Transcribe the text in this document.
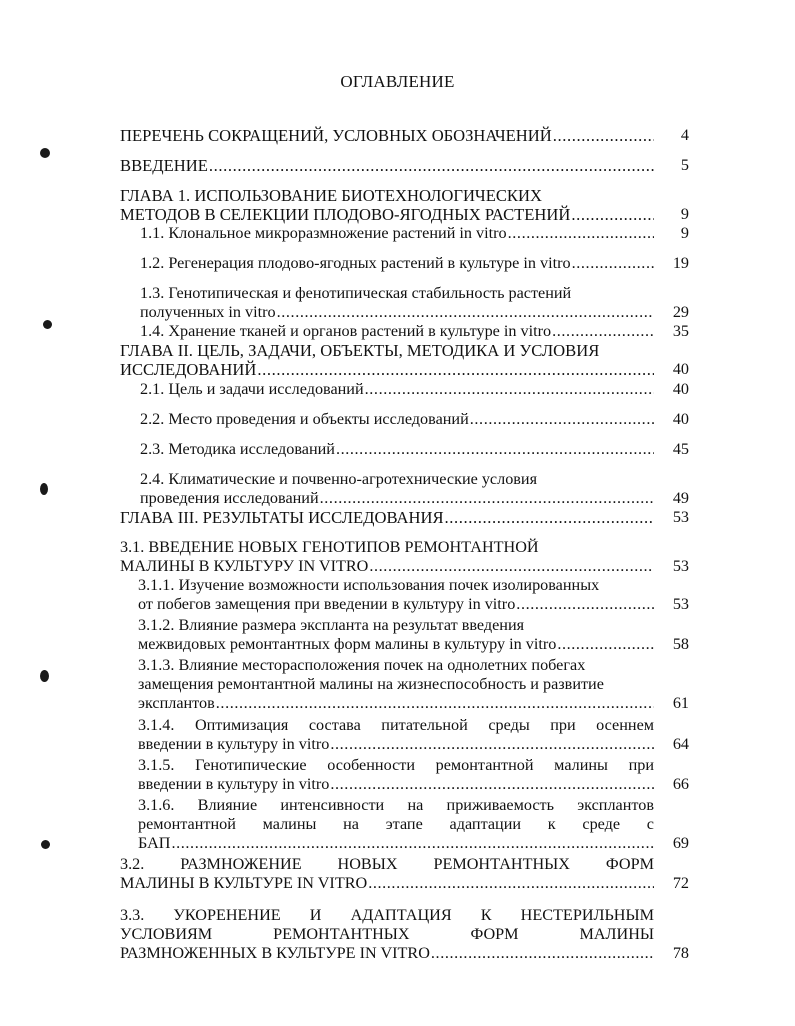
ОГЛАВЛЕНИЕ
ПЕРЕЧЕНЬ СОКРАЩЕНИЙ, УСЛОВНЫХ ОБОЗНАЧЕНИЙ .....	4
ВВЕДЕНИЕ .....	5
ГЛАВА 1. ИСПОЛЬЗОВАНИЕ БИОТЕХНОЛОГИЧЕСКИХ
МЕТОДОВ В СЕЛЕКЦИИ ПЛОДОВО-ЯГОДНЫХ РАСТЕНИЙ .....	9
1.1. Клональное микроразмножение растений in vitro .....	9
1.2. Регенерация плодово-ягодных растений в культуре in vitro .....	19
1.3. Генотипическая и фенотипическая стабильность растений
полученных in vitro .....	29
1.4. Хранение тканей и органов растений в культуре in vitro .....	35
ГЛАВА II. ЦЕЛЬ, ЗАДАЧИ, ОБЪЕКТЫ, МЕТОДИКА И УСЛОВИЯ
ИССЛЕДОВАНИЙ .....	40
2.1. Цель и задачи исследований .....	40
2.2. Место проведения и объекты исследований .....	40
2.3. Методика исследований .....	45
2.4. Климатические и почвенно-агротехнические условия
проведения исследований .....	49
ГЛАВА III. РЕЗУЛЬТАТЫ ИССЛЕДОВАНИЯ .....	53
3.1. ВВЕДЕНИЕ НОВЫХ ГЕНОТИПОВ РЕМОНТАНТНОЙ
МАЛИНЫ В КУЛЬТУРУ IN VITRO .....	53
3.1.1. Изучение возможности использования почек изолированных
от побегов замещения при введении в культуру in vitro .....	53
3.1.2. Влияние размера экспланта на результат введения
межвидовых ремонтантных форм малины в культуру in vitro .....	58
3.1.3. Влияние месторасположения почек на однолетних побегах
замещения ремонтантной малины на жизнеспособность и развитие
эксплантов .....	61
3.1.4. Оптимизация состава питательной среды при осеннем
введении в культуру in vitro .....	64
3.1.5. Генотипические особенности ремонтантной малины при
введении в культуру in vitro .....	66
3.1.6. Влияние интенсивности на приживаемость эксплантов
ремонтантной малины на этапе адаптации к среде с
БАП .....	69
3.2. РАЗМНОЖЕНИЕ НОВЫХ РЕМОНТАНТНЫХ ФОРМ
МАЛИНЫ В КУЛЬТУРЕ IN VITRO .....	72
3.3. УКОРЕНЕНИЕ И АДАПТАЦИЯ К НЕСТЕРИЛЬНЫМ
УСЛОВИЯМ РЕМОНТАНТНЫХ ФОРМ МАЛИНЫ
РАЗМНОЖЕННЫХ В КУЛЬТУРЕ IN VITRO .....	78
